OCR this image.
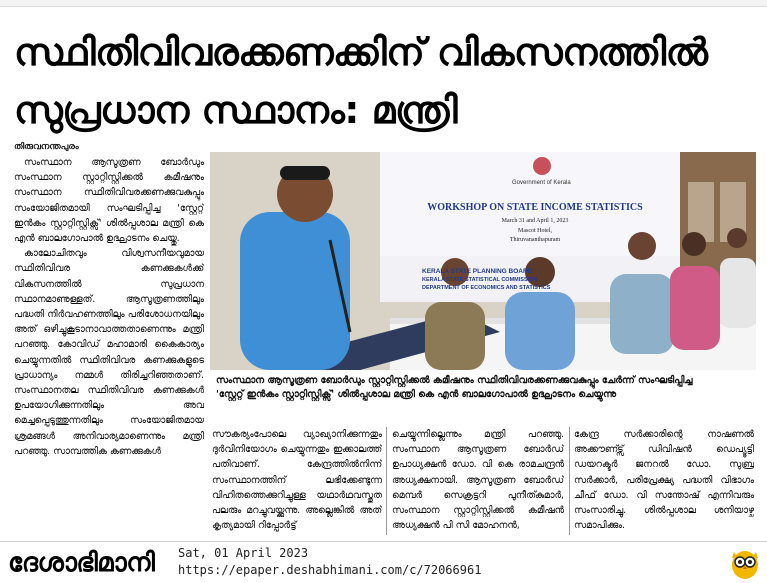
സ്ഥിതിവിവരക്കണക്കിന് വികസനത്തിൽ
സുപ്രധാന സ്ഥാനം: മന്ത്രി
തിരുവനന്തപുരം

സംസ്ഥാന ആസൂത്രണ ബോർഡും സംസ്ഥാന സ്റ്റാറ്റിസ്റ്റിക്കൽ കമീഷനും സംസ്ഥാന സ്ഥിതിവിവരക്കണക്കുവകുപ്പും സംയോജിതമായി സംഘടിപ്പിച്ച 'സ്റ്റേറ്റ് ഇൻകം സ്റ്റാറ്റിസ്റ്റിക്സ്' ശിൽപ്പശാല മന്ത്രി കെ എൻ ബാലഗോപാൽ ഉദ്ഘാടനം ചെയ്തു.

കാലോചിതവും വിശ്വസനീയവുമായ സ്ഥിതിവിവര കണക്കുകൾക്ക് വികസനത്തിൽ സുപ്രധാന സ്ഥാനമാണുള്ളത്. ആസൂത്രണത്തിലും പദ്ധതി നിർവഹണത്തിലും പരിശോധനയിലും അത് ഒഴിച്ചുകൂടാനാവാത്തതാണെന്നും മന്ത്രി പറഞ്ഞു. കോവിഡ് മഹാമാരി കൈകാര്യം ചെയ്യുന്നതിൽ സ്ഥിതിവിവര കണക്കുകളുടെ പ്രാധാന്യം നമ്മൾ തിരിച്ചറിഞ്ഞതാണ്. സംസ്ഥാനതല സ്ഥിതിവിവര കണക്കുകൾ ഉപയോഗിക്കുന്നതിലും അവ മെച്ചപ്പെടുത്തുന്നതിലും സംയോജിതമായ ശ്രമങ്ങൾ അനിവാര്യമാണെന്നും മന്ത്രി പറഞ്ഞു. സാമ്പത്തിക കണക്കുകൾ

Government of Kerala
WORKSHOP ON STATE INCOME STATISTICS
March 31 and April 1, 2023
Mascot Hotel,
Thiruvananthapuram
KERALA STATE PLANNING BOARD
KERALA STATE STATISTICAL COMMISSION
DEPARTMENT OF ECONOMICS AND STATISTICS
സംസ്ഥാന ആസൂത്രണ ബോർഡും സ്റ്റാറ്റിസ്റ്റിക്കൽ കമീഷനും സ്ഥിതിവിവരക്കണക്കുവകുപ്പും ചേർന്ന് സംഘടിപ്പിച്ച
'സ്റ്റേറ്റ് ഇൻകം സ്റ്റാറ്റിസ്റ്റിക്സ്' ശിൽപ്പശാല മന്ത്രി കെ എൻ ബാലഗോപാൽ ഉദ്ഘാടനം ചെയ്യുന്നു
സൗകര്യംപോലെ വ്യാഖ്യാനിക്കുന്നതും ദുർവിനിയോഗം ചെയ്യുന്നതും ഇക്കാലത്ത് പതിവാണ്. കേന്ദ്രത്തിൽനിന്ന് സംസ്ഥാനത്തിന് ലഭിക്കേണ്ടുന്ന വിഹിതത്തെക്കുറിച്ചുള്ള യഥാർഥവസ്തുത പലരും മറച്ചുവയ്ക്കുന്നു. അല്ലെങ്കിൽ അത് കൃത്യമായി റിപ്പോർട്ട്
ചെയ്യുന്നില്ലെന്നും മന്ത്രി പറഞ്ഞു. സംസ്ഥാന ആസൂത്രണ ബോർഡ് ഉപാധ്യക്ഷൻ ഡോ. വി കെ രാമചന്ദ്രൻ അധ്യക്ഷനായി. ആസൂത്രണ ബോർഡ് മെമ്പർ സെക്രട്ടറി പുനീത്കുമാർ, സംസ്ഥാന സ്റ്റാറ്റിസ്റ്റിക്കൽ കമീഷൻ അധ്യക്ഷൻ പി സി മോഹനൻ,
കേന്ദ്ര സർക്കാരിന്റെ നാഷണൽ അക്കൗണ്ട്സ് ഡിവിഷൻ ഡെപ്യൂട്ടി ഡയറക്ടർ ജനറൽ ഡോ. സുബ്ര സർക്കാർ, പരിപ്രേക്ഷ്യ പദ്ധതി വിഭാഗം ചീഫ് ഡോ. വി സന്തോഷ് എന്നിവരും സംസാരിച്ചു. ശിൽപ്പശാല ശനിയാഴ്ച സമാപിക്കും.
ദേശാഭിമാനി Sat, 01 April 2023
https://epaper.deshabhimani.com/c/72066961
